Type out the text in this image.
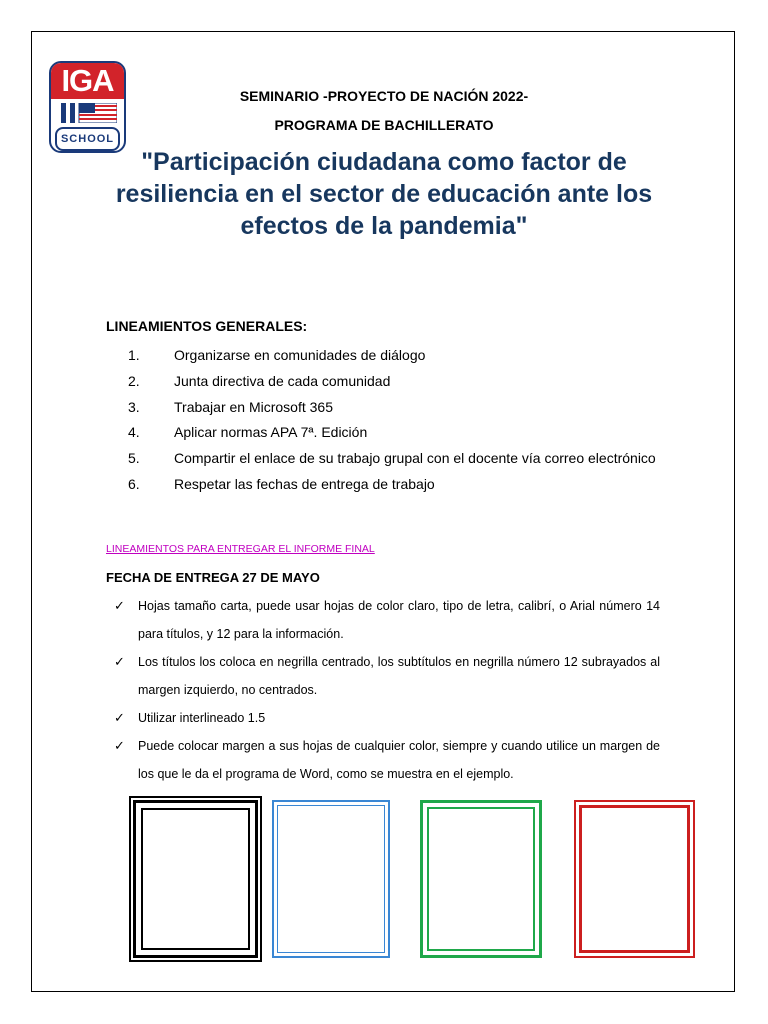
IGA
SCHOOL
SEMINARIO -PROYECTO DE NACIÓN 2022-
PROGRAMA DE BACHILLERATO
"Participación ciudadana como factor de resiliencia en el sector de educación ante los efectos de la pandemia"
LINEAMIENTOS GENERALES:
1.	Organizarse en comunidades de diálogo
2.	Junta directiva de cada comunidad
3.	Trabajar en Microsoft 365
4.	Aplicar normas APA 7ª. Edición
5.	Compartir el enlace de su trabajo grupal con el docente vía correo electrónico
6.	Respetar las fechas de entrega de trabajo
LINEAMIENTOS PARA ENTREGAR EL INFORME FINAL
FECHA DE ENTREGA 27 DE MAYO
✓ Hojas tamaño carta, puede usar hojas de color claro, tipo de letra, calibrí, o Arial número 14 para títulos, y 12 para la información.
✓ Los títulos los coloca en negrilla centrado, los subtítulos en negrilla número 12 subrayados al margen izquierdo, no centrados.
✓ Utilizar interlineado 1.5
✓ Puede colocar margen a sus hojas de cualquier color, siempre y cuando utilice un margen de los que le da el programa de Word, como se muestra en el ejemplo.
